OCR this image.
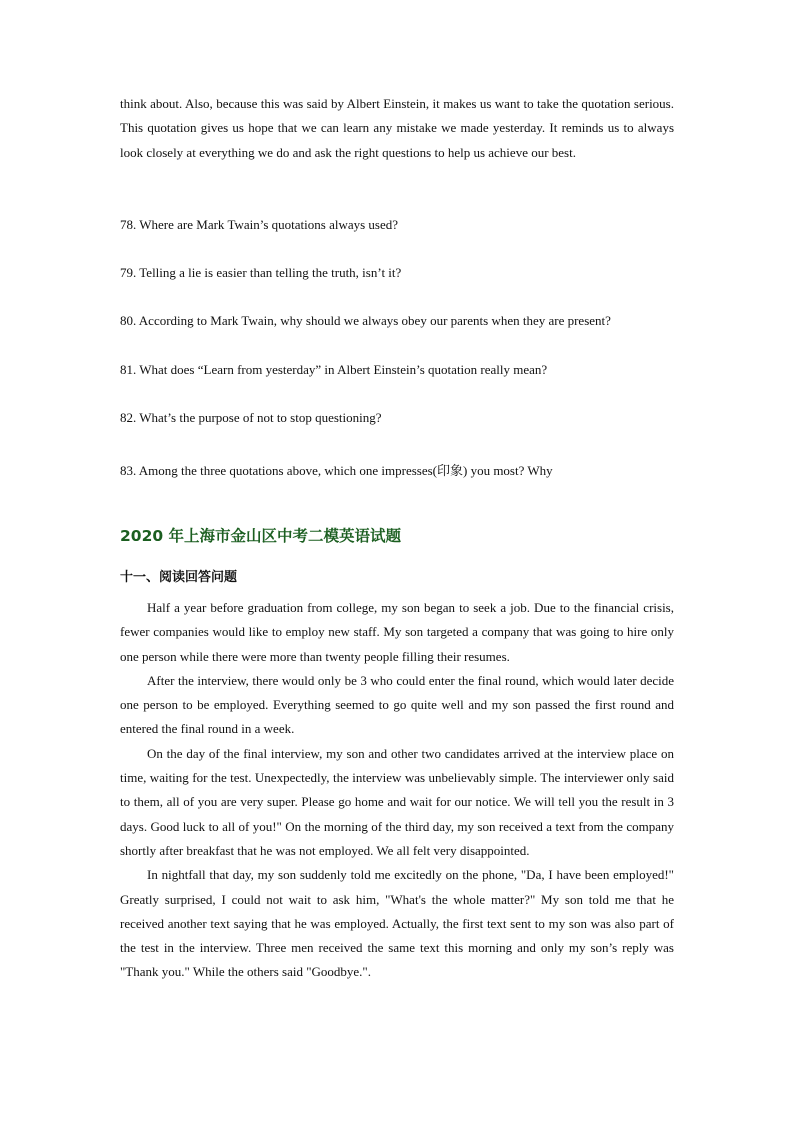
think about. Also, because this was said by Albert Einstein, it makes us want to take the quotation serious. This quotation gives us hope that we can learn any mistake we made yesterday. It reminds us to always look closely at everything we do and ask the right questions to help us achieve our best.

78. Where are Mark Twain’s quotations always used?

79. Telling a lie is easier than telling the truth, isn’t it?

80. According to Mark Twain, why should we always obey our parents when they are present?

81. What does “Learn from yesterday” in Albert Einstein’s quotation really mean?

82. What’s the purpose of not to stop questioning?

83. Among the three quotations above, which one impresses(印象) you most? Why

2020 年上海市金山区中考二模英语试题
十一、阅读回答问题

Half a year before graduation from college, my son began to seek a job. Due to the financial crisis, fewer companies would like to employ new staff. My son targeted a company that was going to hire only one person while there were more than twenty people filling their resumes.

After the interview, there would only be 3 who could enter the final round, which would later decide one person to be employed. Everything seemed to go quite well and my son passed the first round and entered the final round in a week.

On the day of the final interview, my son and other two candidates arrived at the interview place on time, waiting for the test. Unexpectedly, the interview was unbelievably simple. The interviewer only said to them, all of you are very super. Please go home and wait for our notice. We will tell you the result in 3 days. Good luck to all of you!" On the morning of the third day, my son received a text from the company shortly after breakfast that he was not employed. We all felt very disappointed.

In nightfall that day, my son suddenly told me excitedly on the phone, "Da, I have been employed!" Greatly surprised, I could not wait to ask him, "What's the whole matter?" My son told me that he received another text saying that he was employed. Actually, the first text sent to my son was also part of the test in the interview. Three men received the same text this morning and only my son’s reply was "Thank you." While the others said "Goodbye.".
